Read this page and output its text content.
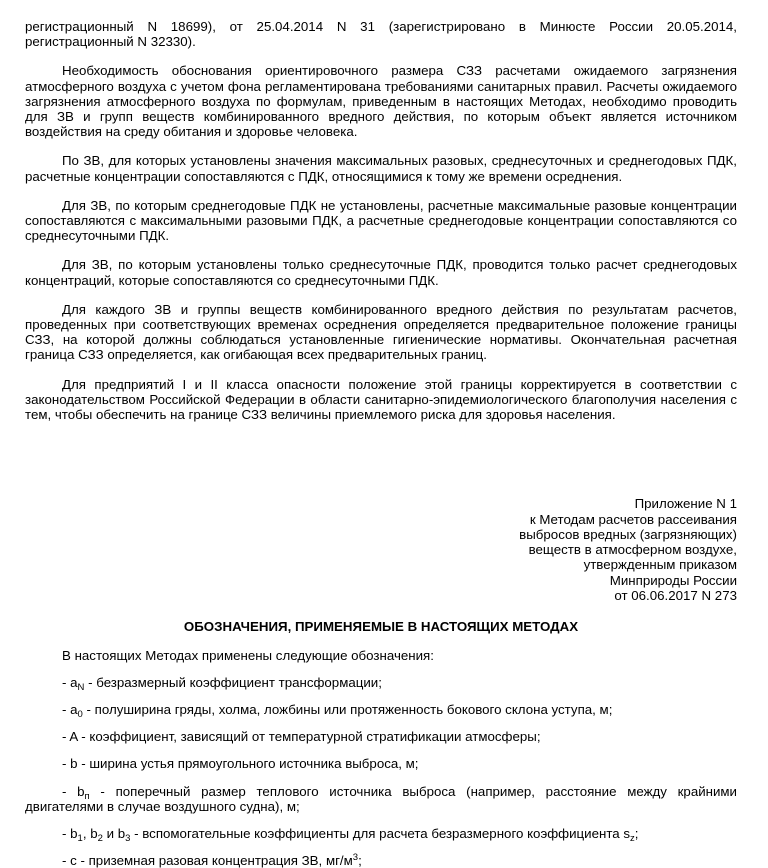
регистрационный N 18699), от 25.04.2014 N 31 (зарегистрировано в Минюсте России 20.05.2014, регистрационный N 32330).

Необходимость обоснования ориентировочного размера СЗЗ расчетами ожидаемого загрязнения атмосферного воздуха с учетом фона регламентирована требованиями санитарных правил. Расчеты ожидаемого загрязнения атмосферного воздуха по формулам, приведенным в настоящих Методах, необходимо проводить для ЗВ и групп веществ комбинированного вредного действия, по которым объект является источником воздействия на среду обитания и здоровье человека.

По ЗВ, для которых установлены значения максимальных разовых, среднесуточных и среднегодовых ПДК, расчетные концентрации сопоставляются с ПДК, относящимися к тому же времени осреднения.

Для ЗВ, по которым среднегодовые ПДК не установлены, расчетные максимальные разовые концентрации сопоставляются с максимальными разовыми ПДК, а расчетные среднегодовые концентрации сопоставляются со среднесуточными ПДК.

Для ЗВ, по которым установлены только среднесуточные ПДК, проводится только расчет среднегодовых концентраций, которые сопоставляются со среднесуточными ПДК.

Для каждого ЗВ и группы веществ комбинированного вредного действия по результатам расчетов, проведенных при соответствующих временах осреднения определяется предварительное положение границы СЗЗ, на которой должны соблюдаться установленные гигиенические нормативы. Окончательная расчетная граница СЗЗ определяется, как огибающая всех предварительных границ.

Для предприятий I и II класса опасности положение этой границы корректируется в соответствии с законодательством Российской Федерации в области санитарно-эпидемиологического благополучия населения с тем, чтобы обеспечить на границе СЗЗ величины приемлемого риска для здоровья населения.

Приложение N 1
к Методам расчетов рассеивания
выбросов вредных (загрязняющих)
веществ в атмосферном воздухе,
утвержденным приказом
Минприроды России
от 06.06.2017 N 273
ОБОЗНАЧЕНИЯ, ПРИМЕНЯЕМЫЕ В НАСТОЯЩИХ МЕТОДАХ

В настоящих Методах применены следующие обозначения:

- $a_N$ - безразмерный коэффициент трансформации;

- $a_0$ - полуширина гряды, холма, ложбины или протяженность бокового склона уступа, м;

- A - коэффициент, зависящий от температурной стратификации атмосферы;

- b - ширина устья прямоугольного источника выброса, м;

- $b_п$ - поперечный размер теплового источника выброса (например, расстояние между крайними двигателями в случае воздушного судна), м;

- $b_1$, $b_2$ и $b_3$ - вспомогательные коэффициенты для расчета безразмерного коэффициента $s_z$;

- c - приземная разовая концентрация ЗВ, $мг/м^3$;
